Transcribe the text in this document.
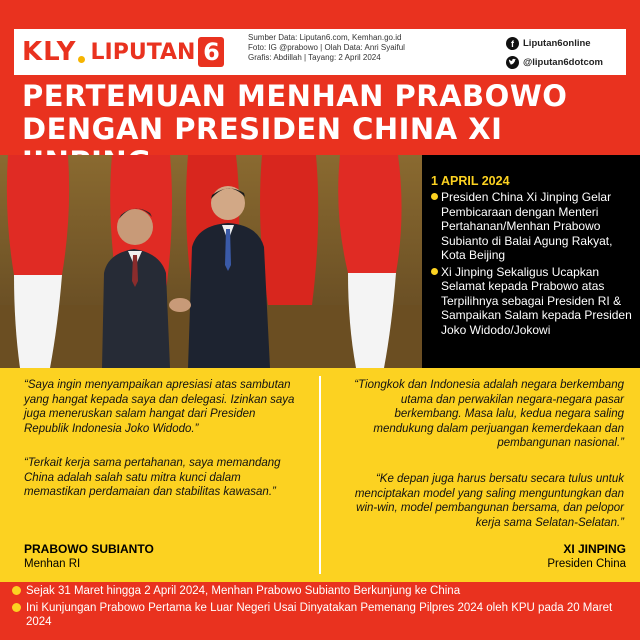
KLY LIPUTAN 6
Sumber Data: Liputan6.com, Kemhan.go.id
Foto: IG @prabowo | Olah Data: Anri Syaiful
Grafis: Abdillah | Tayang: 2 April 2024
f Liputan6online
@liputan6dotcom
PERTEMUAN MENHAN PRABOWO
DENGAN PRESIDEN CHINA XI
1 APRIL 2024
Presiden China Xi Jinping Gelar Pembicaraan dengan Menteri Pertahanan/Menhan Prabowo Subianto di Balai Agung Rakyat, Kota Beijing
Xi Jinping Sekaligus Ucapkan Selamat kepada Prabowo atas Terpilihnya sebagai Presiden RI & Sampaikan Salam kepada Presiden Joko Widodo/Jokowi
“Saya ingin menyampaikan apresiasi atas sambutan yang hangat kepada saya dan delegasi. Izinkan saya juga meneruskan salam hangat dari Presiden Republik Indonesia Joko Widodo.”
“Terkait kerja sama pertahanan, saya memandang China adalah salah satu mitra kunci dalam memastikan perdamaian dan stabilitas kawasan.”
PRABOWO SUBIANTO
Menhan RI
“Tiongkok dan Indonesia adalah negara berkembang utama dan perwakilan negara-negara pasar berkembang. Masa lalu, kedua negara saling mendukung dalam perjuangan kemerdekaan dan pembangunan nasional.”
“Ke depan juga harus bersatu secara tulus untuk menciptakan model yang saling menguntungkan dan win-win, model pembangunan bersama, dan pelopor kerja sama Selatan-Selatan.”
XI JINPING
Presiden China
Sejak 31 Maret hingga 2 April 2024, Menhan Prabowo Subianto Berkunjung ke China
Ini Kunjungan Prabowo Pertama ke Luar Negeri Usai Dinyatakan Pemenang Pilpres 2024 oleh KPU pada 20 Maret 2024
